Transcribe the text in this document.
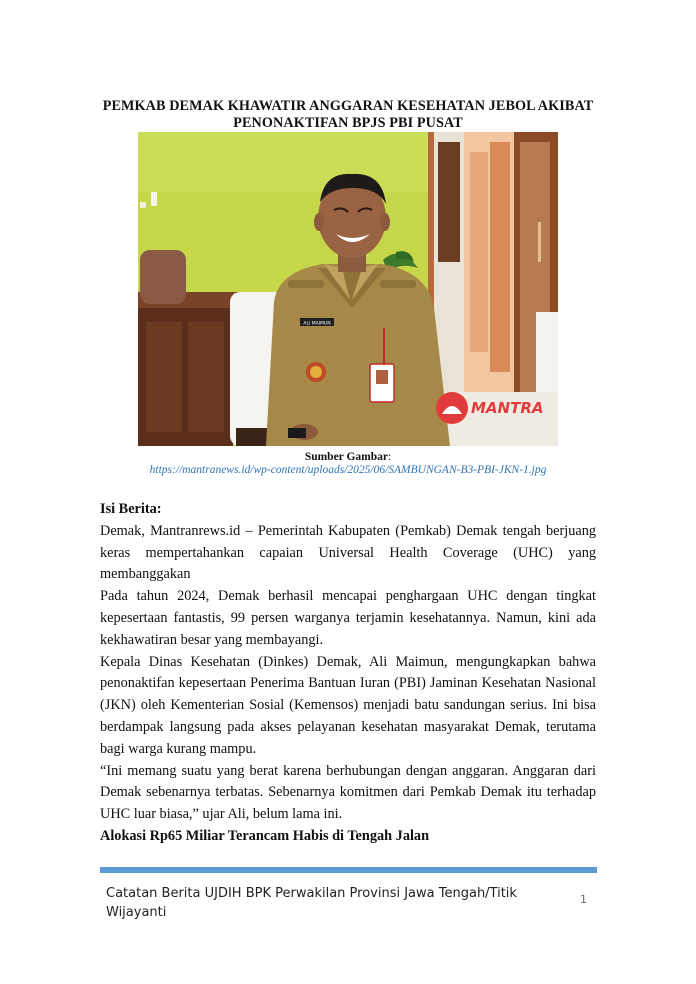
PEMKAB DEMAK KHAWATIR ANGGARAN KESEHATAN JEBOL AKIBAT
PENONAKTIFAN BPJS PBI PUSAT
ALI MAIMUN
MANTRA
Sumber Gambar:
https://mantranews.id/wp-content/uploads/2025/06/SAMBUNGAN-B3-PBI-JKN-1.jpg

Isi Berita:

Demak, Mantranrews.id – Pemerintah Kabupaten (Pemkab) Demak tengah berjuang keras mempertahankan capaian Universal Health Coverage (UHC) yang membanggakan

Pada tahun 2024, Demak berhasil mencapai penghargaan UHC dengan tingkat kepesertaan fantastis, 99 persen warganya terjamin kesehatannya. Namun, kini ada kekhawatiran besar yang membayangi.

Kepala Dinas Kesehatan (Dinkes) Demak, Ali Maimun, mengungkapkan bahwa penonaktifan kepesertaan Penerima Bantuan Iuran (PBI) Jaminan Kesehatan Nasional (JKN) oleh Kementerian Sosial (Kemensos) menjadi batu sandungan serius. Ini bisa berdampak langsung pada akses pelayanan kesehatan masyarakat Demak, terutama bagi warga kurang mampu.

“Ini memang suatu yang berat karena berhubungan dengan anggaran. Anggaran dari Demak sebenarnya terbatas. Sebenarnya komitmen dari Pemkab Demak itu terhadap UHC luar biasa,” ujar Ali, belum lama ini.

Alokasi Rp65 Miliar Terancam Habis di Tengah Jalan

Catatan Berita UJDIH BPK Perwakilan Provinsi Jawa Tengah/Titik Wijayanti
1
